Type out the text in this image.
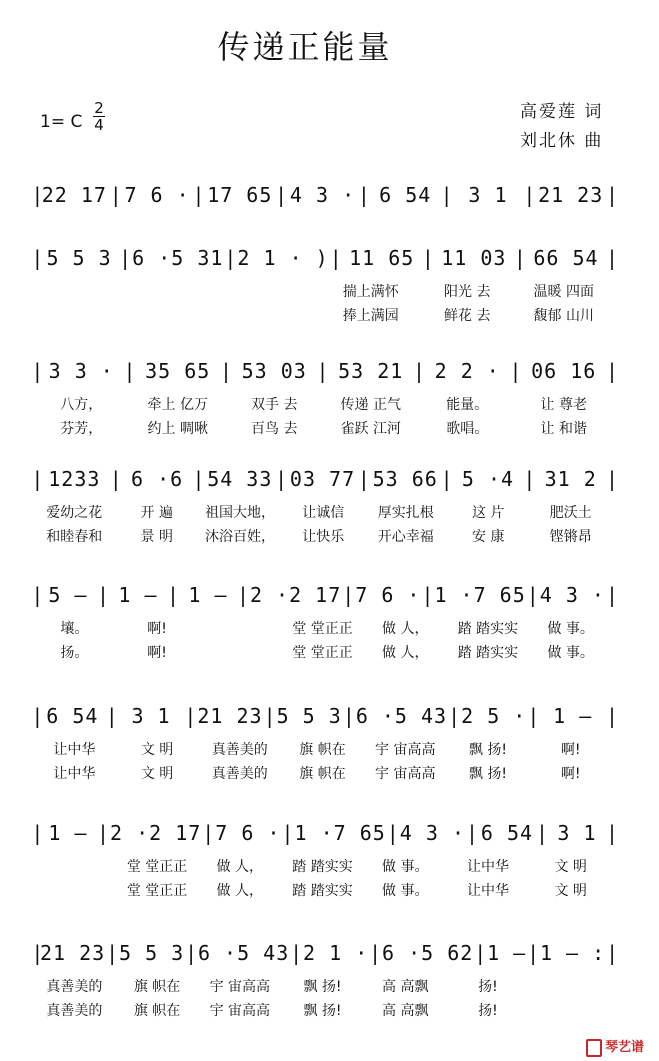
传递正能量
1= C
2
4
高爱莲 词
刘北休 曲
| 22 17 | 7 6 · | 17 65 | 4 3 · | 6 54 | 3 1 | 21 23 |
| 5 5 3 | 6 ·5 31 | 2 1 · ) | 11 65 | 11 03 | 66 54 |
揣上满怀	阳光 去	温暖 四面
捧上满园	鲜花 去	馥郁 山川
| 3 3 · | 35 65 | 53 03 | 53 21 | 2 2 · | 06 16 |
八方，	牵上 亿万	双手 去	传递 正气	能量。	让 尊老
芬芳，	约上 啁啾	百鸟 去	雀跃 江河	歌唱。	让 和谐
| 1233 | 6 ·6 | 54 33 | 03 77 | 53 66 | 5 ·4 | 31 2 |
爱幼之花	开 遍	祖国大地，	让诚信	厚实扎根	这 片	肥沃土
和睦春和	景 明	沐浴百姓，	让快乐	开心幸福	安 康	铿锵昂
| 5 – | 1 – | 1 – | 2 ·2 17 | 7 6 · | 1 ·7 65 | 4 3 · |
壤。	啊!	堂 堂正正	做 人，	踏 踏实实	做 事。
扬。	啊!	堂 堂正正	做 人，	踏 踏实实	做 事。
| 6 54 | 3 1 | 21 23 | 5 5 3 | 6 ·5 43 | 2 5 · | 1 – |
让中华	文 明	真善美的	旗 帜在	宇 宙高高	飘 扬!	啊!
让中华	文 明	真善美的	旗 帜在	宇 宙高高	飘 扬!	啊!
| 1 – | 2 ·2 17 | 7 6 · | 1 ·7 65 | 4 3 · | 6 54 | 3 1 |
堂 堂正正	做 人，	踏 踏实实	做 事。	让中华	文 明
堂 堂正正	做 人，	踏 踏实实	做 事。	让中华	文 明
| 21 23 | 5 5 3 | 6 ·5 43 | 2 1 · | 6 ·5 62 | 1 – | 1 – : |
真善美的	旗 帜在	宇 宙高高	飘 扬!	高 高飘	扬!
真善美的	旗 帜在	宇 宙高高	飘 扬!	高 高飘	扬!
琴艺谱
